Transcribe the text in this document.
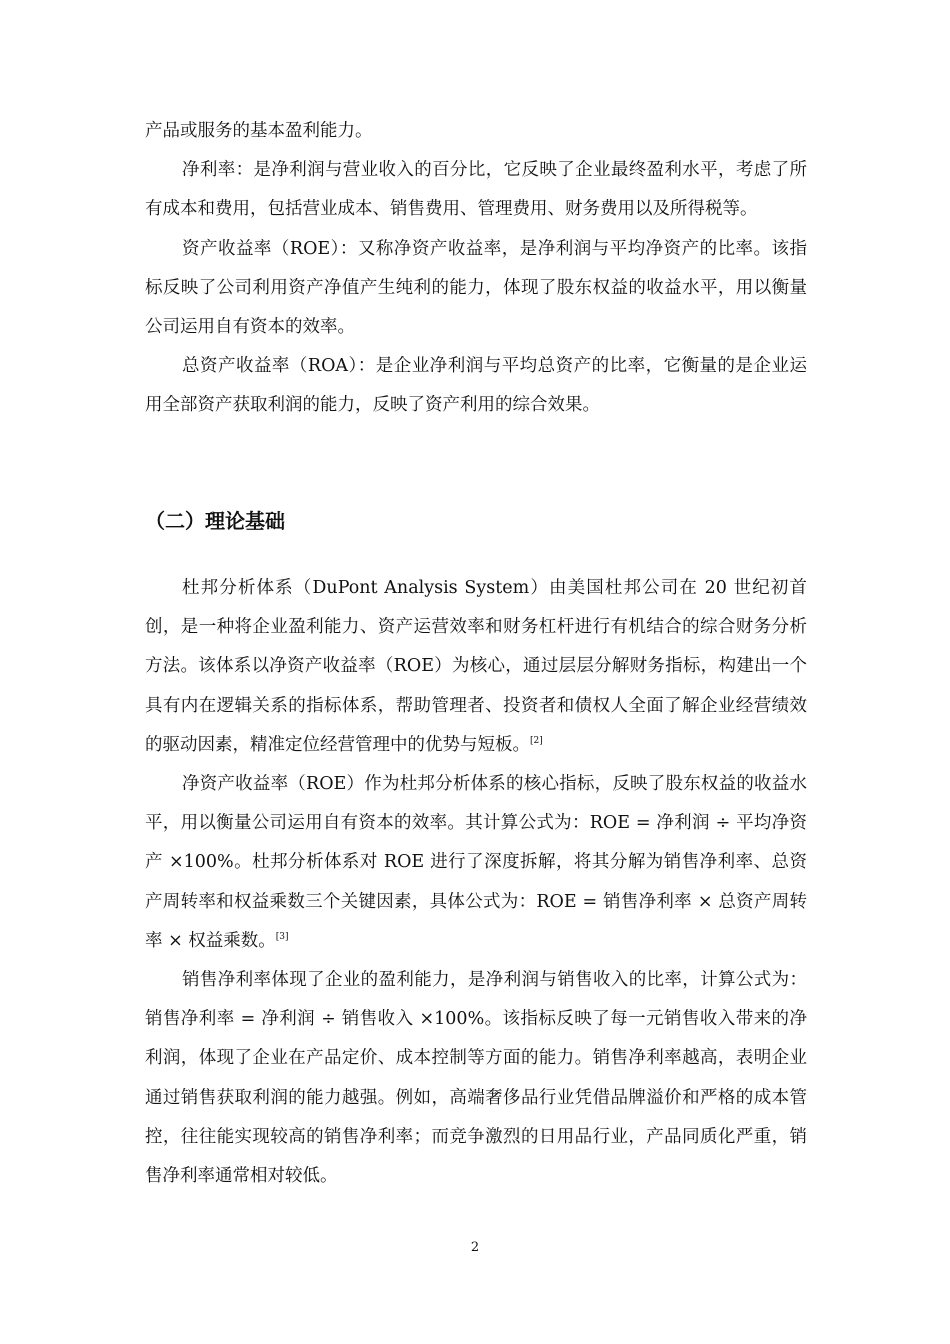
产品或服务的基本盈利能力。

净利率：是净利润与营业收入的百分比，它反映了企业最终盈利水平，考虑了所有成本和费用，包括营业成本、销售费用、管理费用、财务费用以及所得税等。

资产收益率（ROE）：又称净资产收益率，是净利润与平均净资产的比率。该指标反映了公司利用资产净值产生纯利的能力，体现了股东权益的收益水平，用以衡量公司运用自有资本的效率。

总资产收益率（ROA）：是企业净利润与平均总资产的比率，它衡量的是企业运用全部资产获取利润的能力，反映了资产利用的综合效果。

（二）理论基础

杜邦分析体系（DuPont Analysis System）由美国杜邦公司在 20 世纪初首创，是一种将企业盈利能力、资产运营效率和财务杠杆进行有机结合的综合财务分析方法。该体系以净资产收益率（ROE）为核心，通过层层分解财务指标，构建出一个具有内在逻辑关系的指标体系，帮助管理者、投资者和债权人全面了解企业经营绩效的驱动因素，精准定位经营管理中的优势与短板。[2]

净资产收益率（ROE）作为杜邦分析体系的核心指标，反映了股东权益的收益水平，用以衡量公司运用自有资本的效率。其计算公式为：ROE = 净利润 ÷ 平均净资产 ×100%。杜邦分析体系对 ROE 进行了深度拆解，将其分解为销售净利率、总资产周转率和权益乘数三个关键因素，具体公式为：ROE = 销售净利率 × 总资产周转率 × 权益乘数。[3]

销售净利率体现了企业的盈利能力，是净利润与销售收入的比率，计算公式为：销售净利率 = 净利润 ÷ 销售收入 ×100%。该指标反映了每一元销售收入带来的净利润，体现了企业在产品定价、成本控制等方面的能力。销售净利率越高，表明企业通过销售获取利润的能力越强。例如，高端奢侈品行业凭借品牌溢价和严格的成本管控，往往能实现较高的销售净利率；而竞争激烈的日用品行业，产品同质化严重，销售净利率通常相对较低。

2
